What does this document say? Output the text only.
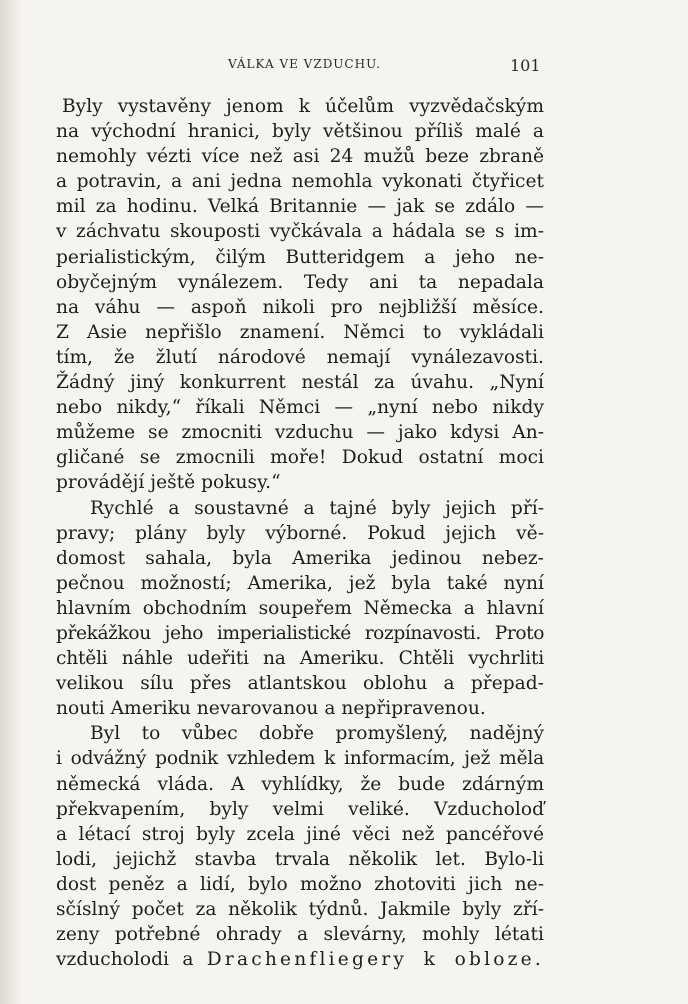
VÁLKA VE VZDUCHU.	101
Byly vystavěny jenom k účelům vyzvědačským
na východní hranici, byly většinou příliš malé a
nemohly vézti více než asi 24 mužů beze zbraně
a potravin, a ani jedna nemohla vykonati čtyřicet
mil za hodinu. Velká Britannie — jak se zdálo —
v záchvatu skouposti vyčkávala a hádala se s im-
perialistickým, čilým Butteridgem a jeho ne-
obyčejným vynálezem. Tedy ani ta nepadala
na váhu — aspoň nikoli pro nejbližší měsíce.
Z Asie nepřišlo znamení. Němci to vykládali
tím, že žlutí národové nemají vynálezavosti.
Žádný jiný konkurrent nestál za úvahu. „Nyní
nebo nikdy,“ říkali Němci — „nyní nebo nikdy
můžeme se zmocniti vzduchu — jako kdysi An-
gličané se zmocnili moře! Dokud ostatní moci
provádějí ještě pokusy.“
Rychlé a soustavné a tajné byly jejich pří-
pravy; plány byly výborné. Pokud jejich vě-
domost sahala, byla Amerika jedinou nebez-
pečnou možností; Amerika, jež byla také nyní
hlavním obchodním soupeřem Německa a hlavní
překážkou jeho imperialistické rozpínavosti. Proto
chtěli náhle udeřiti na Ameriku. Chtěli vychrliti
velikou sílu přes atlantskou oblohu a přepad-
nouti Ameriku nevarovanou a nepřipravenou.
Byl to vůbec dobře promyšlený, nadějný
i odvážný podnik vzhledem k informacím, jež měla
německá vláda. A vyhlídky, že bude zdárným
překvapením, byly velmi veliké. Vzducholoď
a létací stroj byly zcela jiné věci než pancéřové
lodi, jejichž stavba trvala několik let. Bylo-li
dost peněz a lidí, bylo možno zhotoviti jich ne-
sčíslný počet za několik týdnů. Jakmile byly zří-
zeny potřebné ohrady a slevárny, mohly létati
vzducholodi a Drachenfliegery k obloze.
